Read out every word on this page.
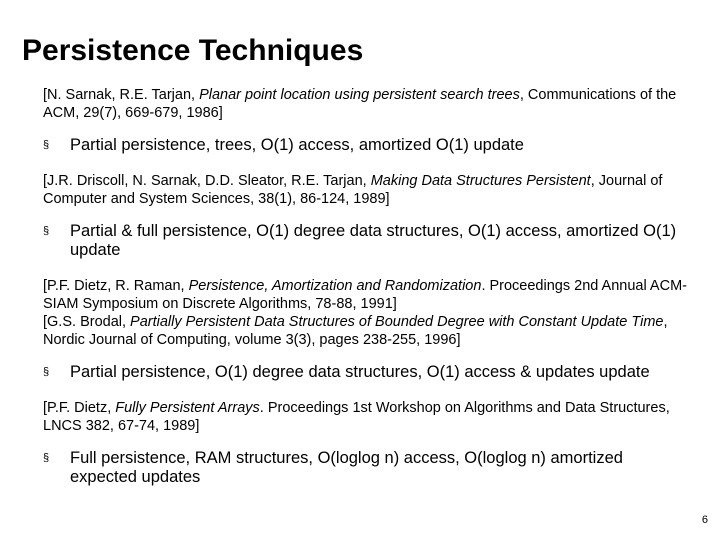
Persistence Techniques
[N. Sarnak, R.E. Tarjan, Planar point location using persistent search trees, Communications of the ACM, 29(7), 669-679, 1986]
§	Partial persistence, trees, O(1) access, amortized O(1) update
[J.R. Driscoll, N. Sarnak, D.D. Sleator, R.E. Tarjan, Making Data Structures Persistent, Journal of Computer and System Sciences, 38(1), 86-124, 1989]
§	Partial & full persistence, O(1) degree data structures, O(1) access, amortized O(1) update
[P.F. Dietz, R. Raman, Persistence, Amortization and Randomization. Proceedings 2nd Annual ACM-SIAM Symposium on Discrete Algorithms, 78-88, 1991]
[G.S. Brodal, Partially Persistent Data Structures of Bounded Degree with Constant Update Time, Nordic Journal of Computing, volume 3(3), pages 238-255, 1996]
§	Partial persistence, O(1) degree data structures, O(1) access & updates update
[P.F. Dietz, Fully Persistent Arrays. Proceedings 1st Workshop on Algorithms and Data Structures, LNCS 382, 67-74, 1989]
§	Full persistence, RAM structures, O(loglog n) access, O(loglog n) amortized expected updates
6
